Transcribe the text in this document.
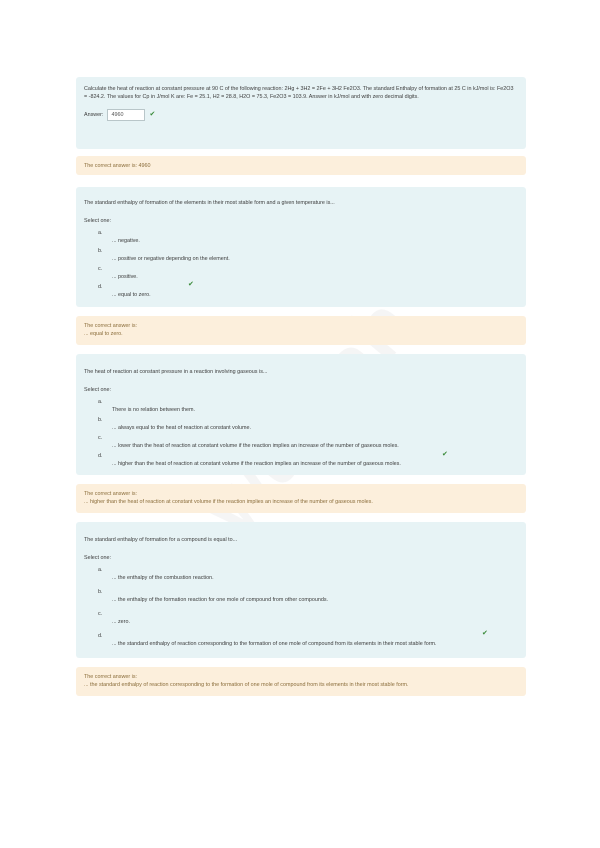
Calculate the heat of reaction at constant pressure at 90 C of the following reaction: 2Hg + 3H2 = 2Fe + 3H2 Fe2O3. The standard Enthalpy of formation at 25 C in kJ/mol is: Fe2O3 = -824.2. The values for Cp in J/mol K are: Fe = 25.1, H2 = 28.8, H2O = 75.3, Fe2O3 = 103.9. Answer in kJ/mol and with zero decimal digits.

Answer:
4960	✔
The correct answer is: 4960

The standard enthalpy of formation of the elements in their most stable form and a given temperature is...

Select one:
a.
... negative.
b.
... positive or negative depending on the element.
c.
... positive.
d.
... equal to zero.
✔
The correct answer is:
... equal to zero.

The heat of reaction at constant pressure in a reaction involving gaseous is...

Select one:
a.
There is no relation between them.
b.
... always equal to the heat of reaction at constant volume.
c.
... lower than the heat of reaction at constant volume if the reaction implies an increase of the number of gaseous moles.
d.
... higher than the heat of reaction at constant volume if the reaction implies an increase of the number of gaseous moles.
✔
The correct answer is:
... higher than the heat of reaction at constant volume if the reaction implies an increase of the number of gaseous moles.

The standard enthalpy of formation for a compound is equal to...

Select one:
a.
... the enthalpy of the combustion reaction.
b.
... the enthalpy of the formation reaction for one mole of compound from other compounds.
c.
... zero.
d.
... the standard enthalpy of reaction corresponding to the formation of one mole of compound from its elements in their most stable form.
✔
The correct answer is:
... the standard enthalpy of reaction corresponding to the formation of one mole of compound from its elements in their most stable form.
